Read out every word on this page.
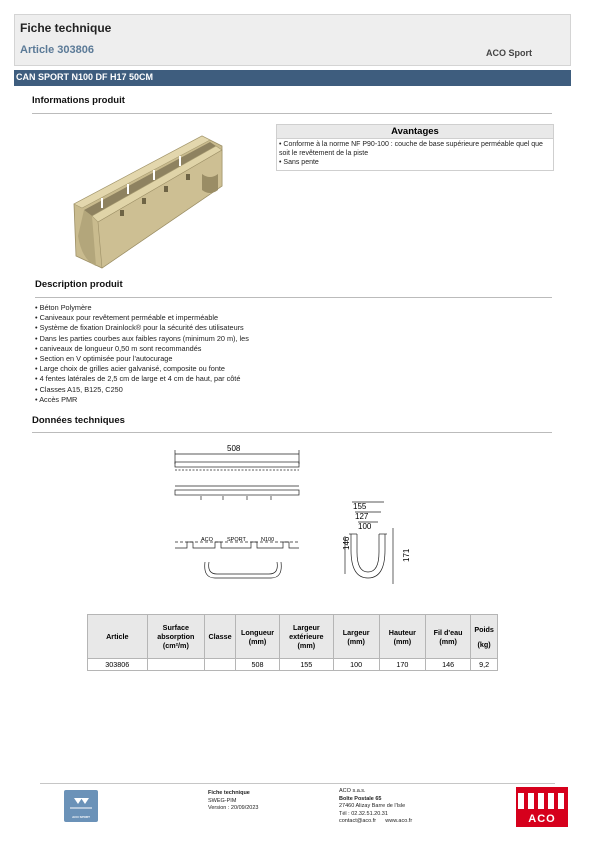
Fiche technique
Article 303806	ACO Sport
CAN SPORT N100 DF H17 50CM
Informations produit
Avantages
• Conforme à la norme NF P90-100 : couche de base supérieure perméable quel que soit le revêtement de la piste
• Sans pente
Description produit
• Béton Polymère
• Caniveaux pour revêtement perméable et imperméable
• Système de fixation Drainlock® pour la sécurité des utilisateurs
• Dans les parties courbes aux faibles rayons (minimum 20 m), les
• caniveaux de longueur 0,50 m sont recommandés
• Section en V optimisée pour l'autocurage
• Large choix de grilles acier galvanisé, composite ou fonte
• 4 fentes latérales de 2,5 cm de large et 4 cm de haut, par côté
• Classes A15, B125, C250
• Accès PMR
Données techniques
508
155
127
100
146
171
ACO	SPORT	N100
Article	Surface absorption (cm²/m)	Classe	Longueur (mm)	Largeur extérieure (mm)	Largeur (mm)	Hauteur (mm)	Fil d'eau (mm)	Poids
(kg)

303806			508	155	100	170	146	9,2
ACO SPORT
Fiche technique
SWEG-PIM
Version : 20/09/2023
ACO s.a.s.
Boîte Postale 65
27460 Alizay Barre de l'Isle
Tél : 02.32.51.20.31
contact@aco.fr www.aco.fr	ACO
